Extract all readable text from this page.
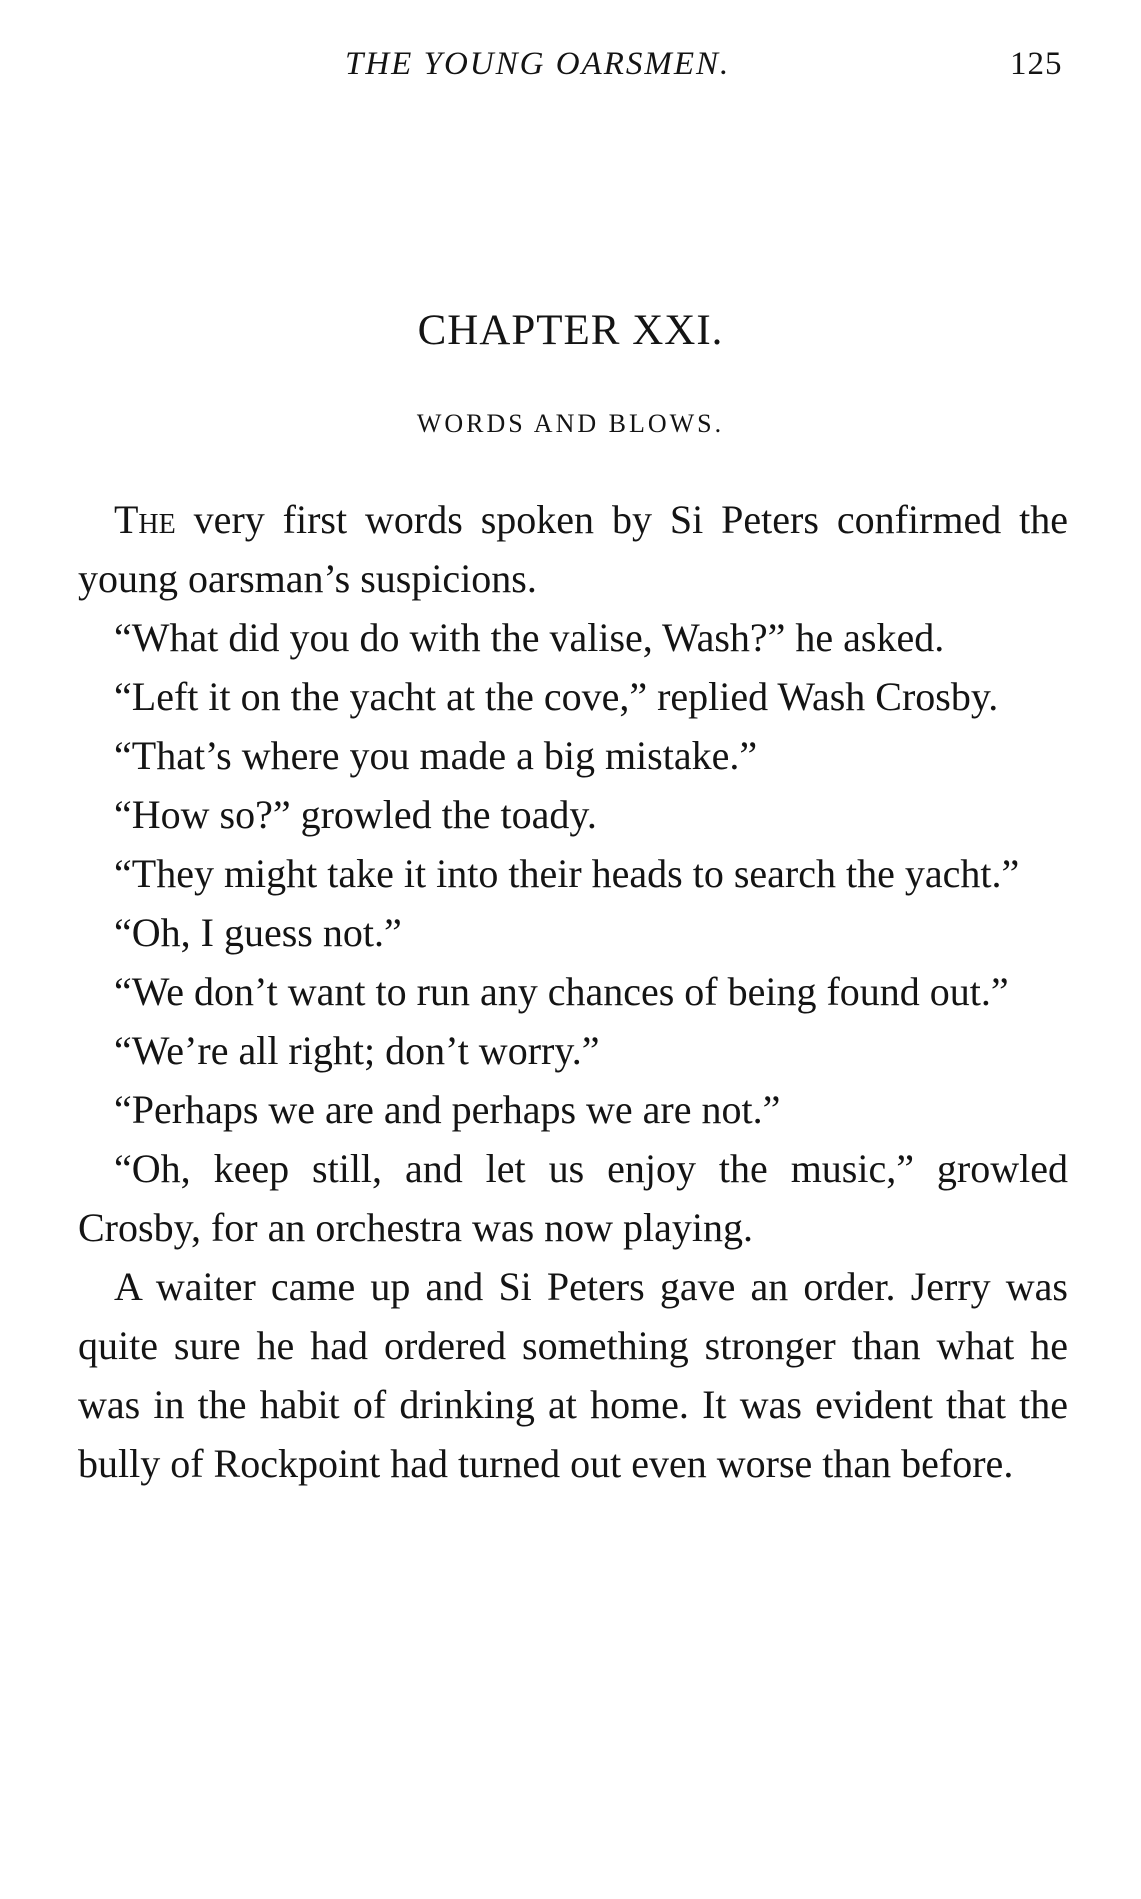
THE YOUNG OARSMEN.	125
CHAPTER XXI.
WORDS AND BLOWS.

The very first words spoken by Si Peters confirmed the young oarsman’s suspicions.

“What did you do with the valise, Wash?” he asked.

“Left it on the yacht at the cove,” replied Wash Crosby.

“That’s where you made a big mistake.”

“How so?” growled the toady.

“They might take it into their heads to search the yacht.”

“Oh, I guess not.”

“We don’t want to run any chances of being found out.”

“We’re all right; don’t worry.”

“Perhaps we are and perhaps we are not.”

“Oh, keep still, and let us enjoy the music,” growled Crosby, for an orchestra was now playing.

A waiter came up and Si Peters gave an order. Jerry was quite sure he had ordered something stronger than what he was in the habit of drinking at home. It was evident that the bully of Rockpoint had turned out even worse than before.
